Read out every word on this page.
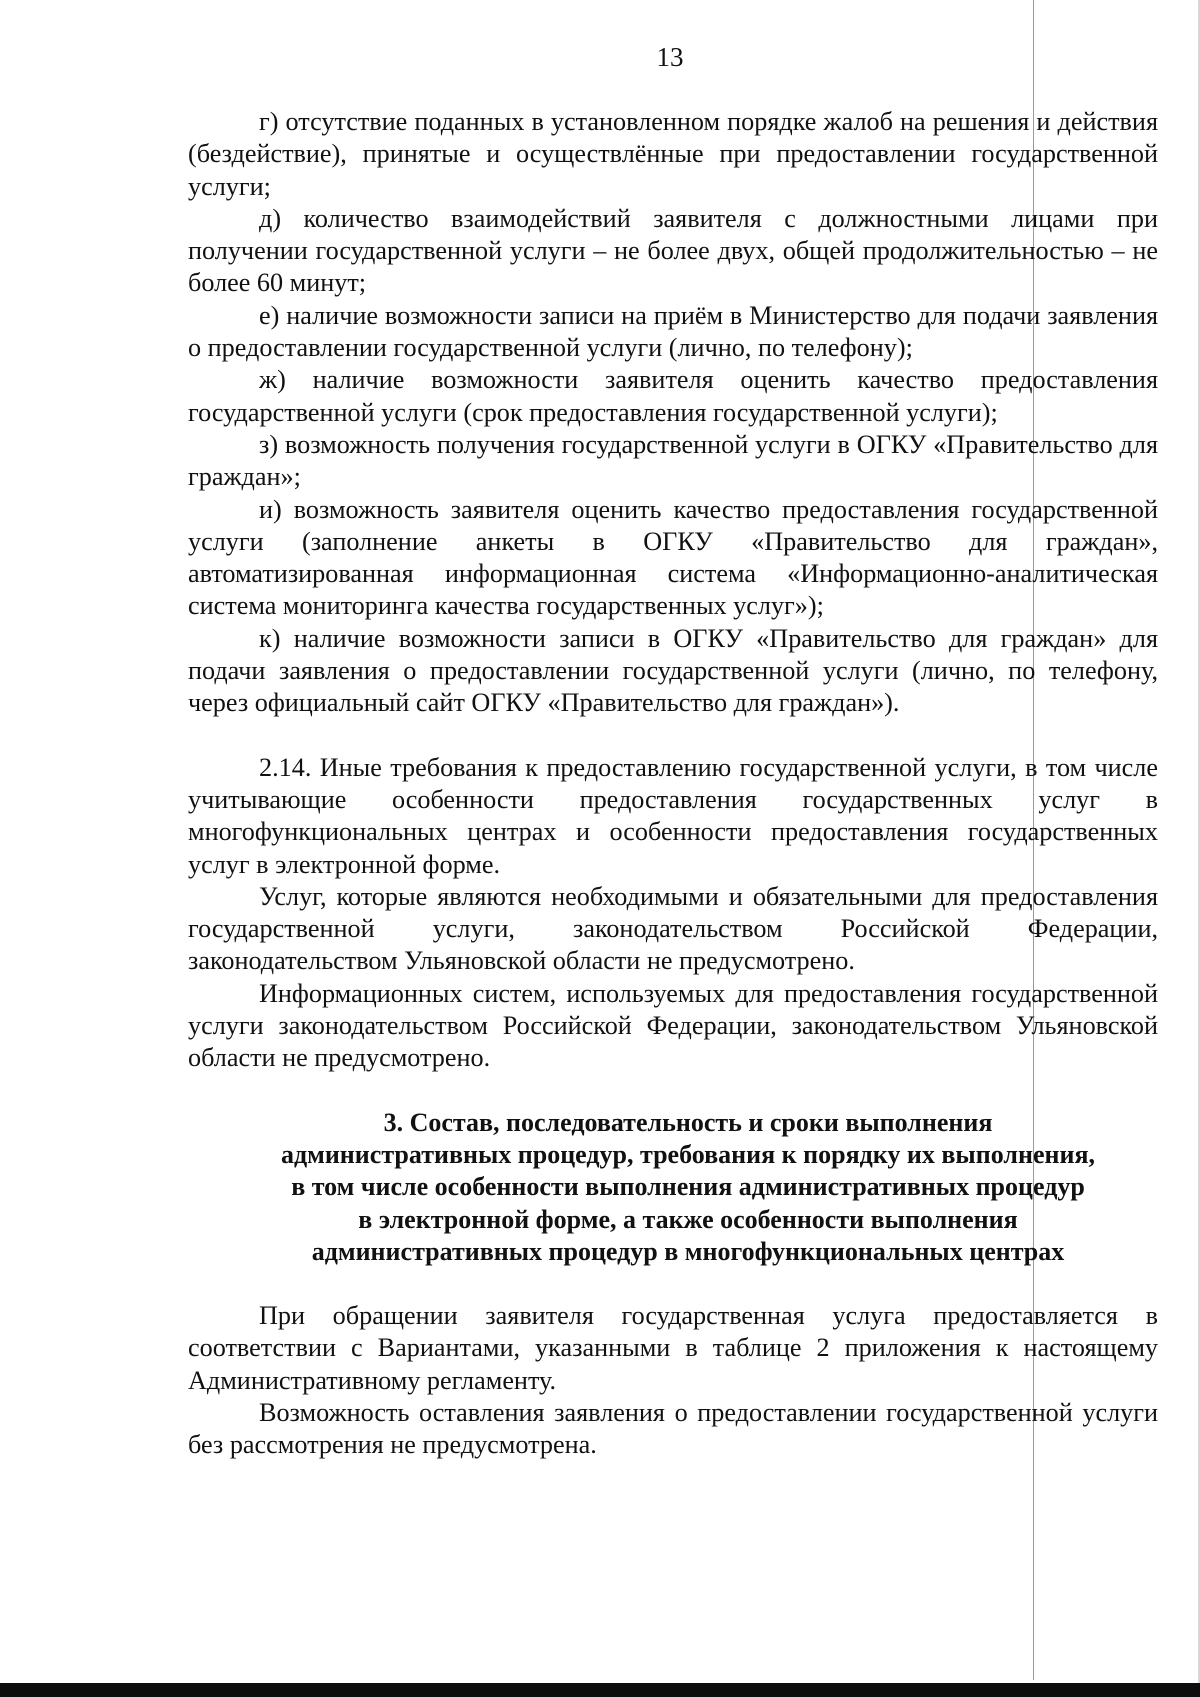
13

г) отсутствие поданных в установленном порядке жалоб на решения и действия (бездействие), принятые и осуществлённые при предоставлении государственной услуги;

д) количество взаимодействий заявителя с должностными лицами при получении государственной услуги – не более двух, общей продолжительностью – не более 60 минут;

е) наличие возможности записи на приём в Министерство для подачи заявления о предоставлении государственной услуги (лично, по телефону);

ж) наличие возможности заявителя оценить качество предоставления государственной услуги (срок предоставления государственной услуги);

з) возможность получения государственной услуги в ОГКУ «Правительство для граждан»;

и) возможность заявителя оценить качество предоставления государственной услуги (заполнение анкеты в ОГКУ «Правительство для граждан», автоматизированная информационная система «Информационно-аналитическая система мониторинга качества государственных услуг»);

к) наличие возможности записи в ОГКУ «Правительство для граждан» для подачи заявления о предоставлении государственной услуги (лично, по телефону, через официальный сайт ОГКУ «Правительство для граждан»).

2.14. Иные требования к предоставлению государственной услуги, в том числе учитывающие особенности предоставления государственных услуг в многофункциональных центрах и особенности предоставления государственных услуг в электронной форме.

Услуг, которые являются необходимыми и обязательными для предоставления государственной услуги, законодательством Российской Федерации, законодательством Ульяновской области не предусмотрено.

Информационных систем, используемых для предоставления государственной услуги законодательством Российской Федерации, законодательством Ульяновской области не предусмотрено.

3. Состав, последовательность и сроки выполнения
административных процедур, требования к порядку их выполнения,
в том числе особенности выполнения административных процедур
в электронной форме, а также особенности выполнения
административных процедур в многофункциональных центрах

При обращении заявителя государственная услуга предоставляется в соответствии с Вариантами, указанными в таблице 2 приложения к настоящему Административному регламенту.

Возможность оставления заявления о предоставлении государственной услуги без рассмотрения не предусмотрена.
